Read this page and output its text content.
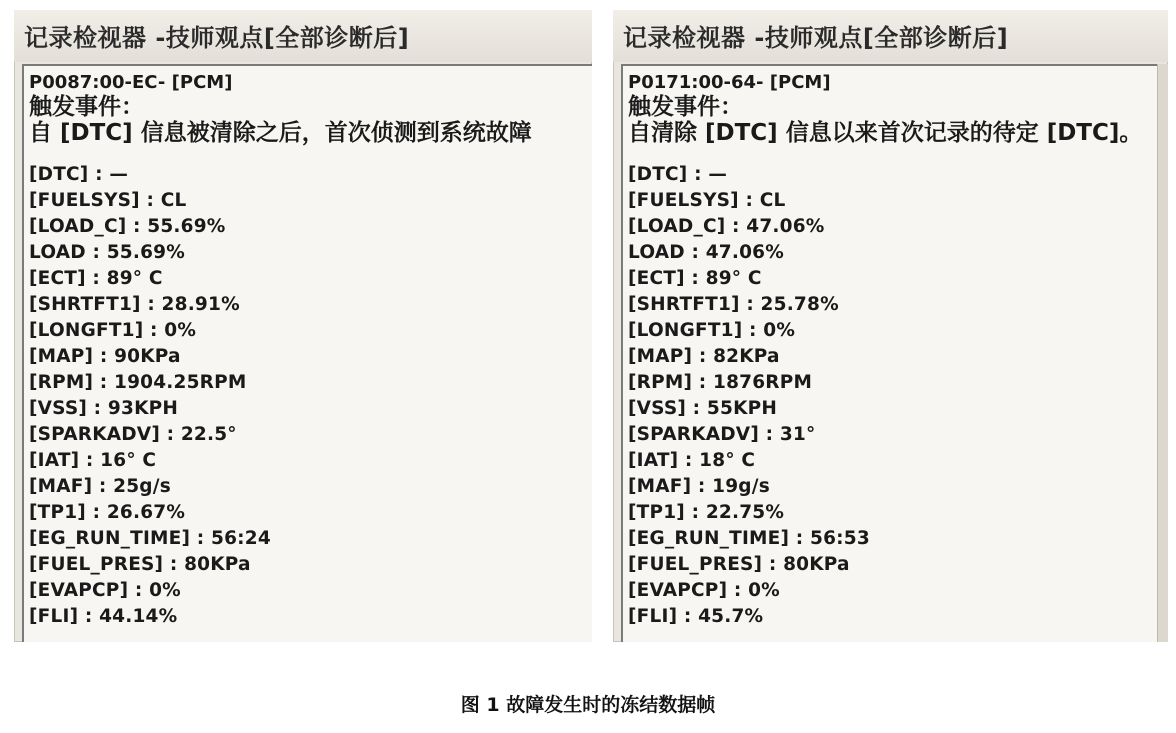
记录检视器 -技师观点[全部诊断后]
P0087:00-EC- [PCM]
触发事件：
自 [DTC] 信息被清除之后，首次侦测到系统故障
[DTC] : —
[FUELSYS] : CL
[LOAD_C] : 55.69%
LOAD : 55.69%
[ECT] : 89° C
[SHRTFT1] : 28.91%
[LONGFT1] : 0%
[MAP] : 90KPa
[RPM] : 1904.25RPM
[VSS] : 93KPH
[SPARKADV] : 22.5°
[IAT] : 16° C
[MAF] : 25g/s
[TP1] : 26.67%
[EG_RUN_TIME] : 56:24
[FUEL_PRES] : 80KPa
[EVAPCP] : 0%
[FLI] : 44.14%
记录检视器 -技师观点[全部诊断后]
P0171:00-64- [PCM]
触发事件：
自清除 [DTC] 信息以来首次记录的待定 [DTC]。
[DTC] : —
[FUELSYS] : CL
[LOAD_C] : 47.06%
LOAD : 47.06%
[ECT] : 89° C
[SHRTFT1] : 25.78%
[LONGFT1] : 0%
[MAP] : 82KPa
[RPM] : 1876RPM
[VSS] : 55KPH
[SPARKADV] : 31°
[IAT] : 18° C
[MAF] : 19g/s
[TP1] : 22.75%
[EG_RUN_TIME] : 56:53
[FUEL_PRES] : 80KPa
[EVAPCP] : 0%
[FLI] : 45.7%
图 1 故障发生时的冻结数据帧
